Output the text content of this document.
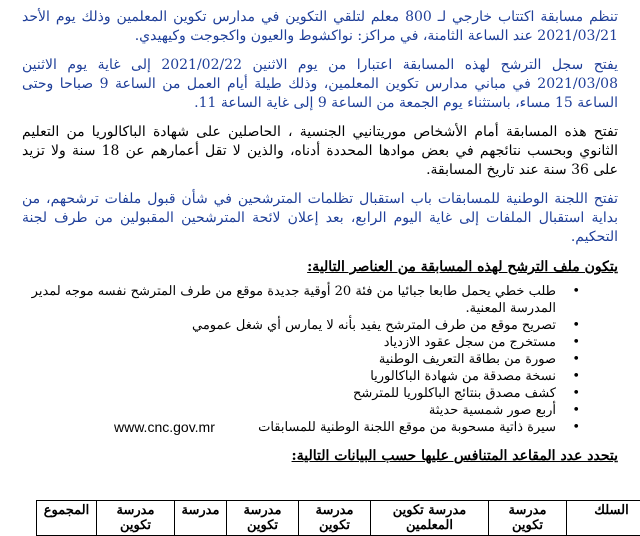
تنظم مسابقة اكتتاب خارجي لـ 800 معلم لتلقي التكوين في مدارس تكوين المعلمين وذلك يوم الأحد 2021/03/21 عند الساعة الثامنة، في مراكز: نواكشوط والعيون واكجوجت وكيهيدي.

يفتح سجل الترشح لهذه المسابقة اعتبارا من يوم الاثنين 2021/02/22 إلى غاية يوم الاثنين 2021/03/08 في مباني مدارس تكوين المعلمين، وذلك طيلة أيام العمل من الساعة 9 صباحا وحتى الساعة 15 مساء، باستثناء يوم الجمعة من الساعة 9 إلى غاية الساعة 11.

تفتح هذه المسابقة أمام الأشخاص موريتانيي الجنسية ، الحاصلين على شهادة الباكالوريا من التعليم الثانوي وبحسب نتائجهم في بعض موادها المحددة أدناه، والذين لا تقل أعمارهم عن 18 سنة ولا تزيد على 36 سنة عند تاريخ المسابقة.

تفتح اللجنة الوطنية للمسابقات باب استقبال تظلمات المترشحين في شأن قبول ملفات ترشحهم، من بداية استقبال الملفات إلى غاية اليوم الرابع، بعد إعلان لائحة المترشحين المقبولين من طرف لجنة التحكيم.

يتكون ملف الترشح لهذه المسابقة من العناصر التالية:
•
طلب خطي يحمل طابعا جبائيا من فئة 20 أوقية جديدة موقع من طرف المترشح نفسه موجه لمدير المدرسة المعنية.
•
تصريح موقع من طرف المترشح يفيد بأنه لا يمارس أي شغل عمومي
•
مستخرج من سجل عقود الازدياد
•
صورة من بطاقة التعريف الوطنية
•
نسخة مصدقة من شهادة الباكالوريا
•
كشف مصدق بنتائج الباكلوريا للمترشح
•
أربع صور شمسية حديثة
•
سيرة ذاتية مسحوبة من موقع اللجنة الوطنية للمسابقات
www.cnc.gov.mr
يتحدد عدد المقاعد المتنافس عليها حسب البيانات التالية:
السلك	مدرسة تكوين	مدرسة تكوين المعلمين	مدرسة تكوين	مدرسة تكوين	مدرسة	مدرسة تكوين	المجموع
